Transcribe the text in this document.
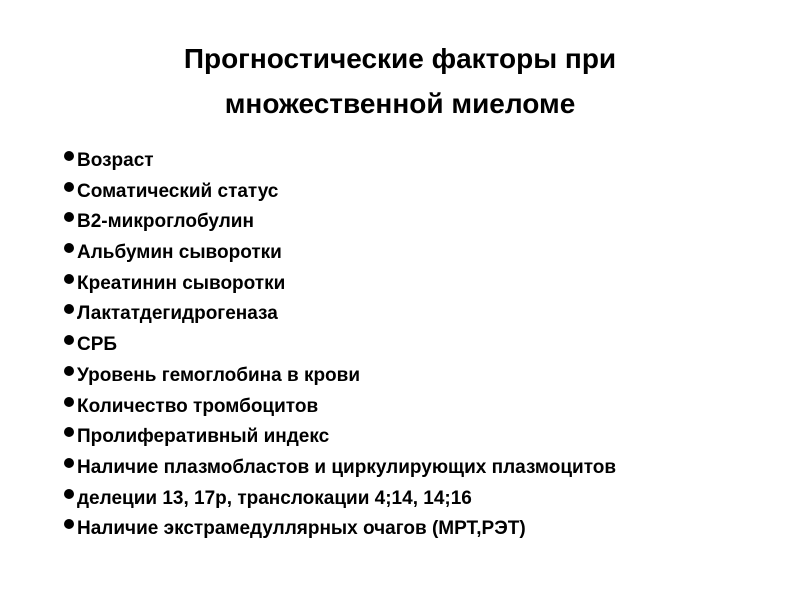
Прогностические факторы при
множественной миеломе
Возраст
Соматический статус
В2-микроглобулин
Альбумин сыворотки
Креатинин сыворотки
Лактатдегидрогеназа
СРБ
Уровень гемоглобина в крови
Количество тромбоцитов
Пролиферативный индекс
Наличие плазмобластов и циркулирующих плазмоцитов
делеции 13, 17p, транслокации 4;14, 14;16
Наличие экстрамедуллярных очагов (МРТ,РЭТ)
